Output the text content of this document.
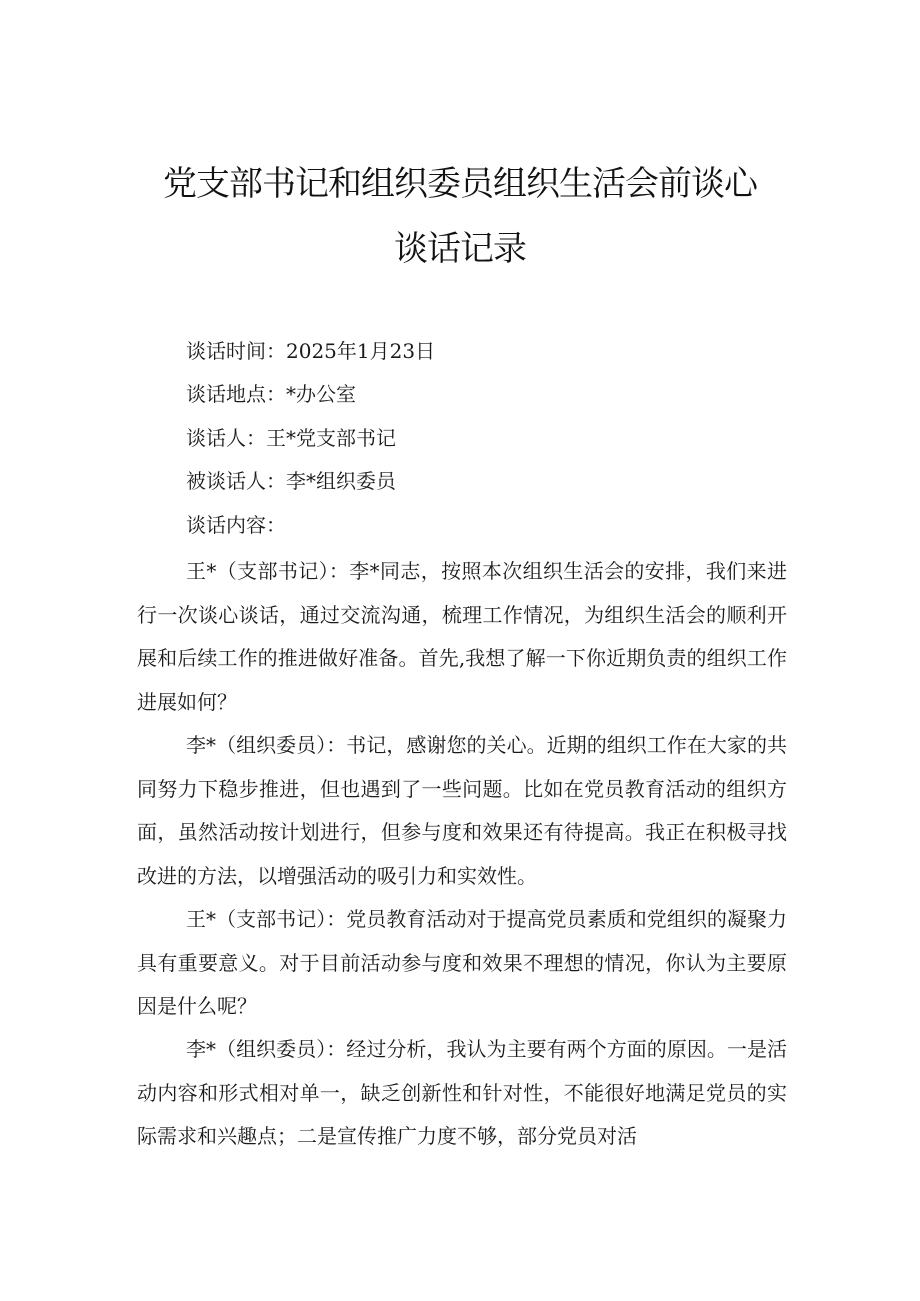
党支部书记和组织委员组织生活会前谈心
谈话记录
谈话时间：2025年1月23日
谈话地点：*办公室
谈话人：王*党支部书记
被谈话人：李*组织委员
谈话内容：

王*（支部书记）：李*同志，按照本次组织生活会的安排，我们来进行一次谈心谈话，通过交流沟通，梳理工作情况，为组织生活会的顺利开展和后续工作的推进做好准备。首先,我想了解一下你近期负责的组织工作进展如何？

李*（组织委员）：书记，感谢您的关心。近期的组织工作在大家的共同努力下稳步推进，但也遇到了一些问题。比如在党员教育活动的组织方面，虽然活动按计划进行，但参与度和效果还有待提高。我正在积极寻找改进的方法，以增强活动的吸引力和实效性。

王*（支部书记）：党员教育活动对于提高党员素质和党组织的凝聚力具有重要意义。对于目前活动参与度和效果不理想的情况，你认为主要原因是什么呢？

李*（组织委员）：经过分析，我认为主要有两个方面的原因。一是活动内容和形式相对单一，缺乏创新性和针对性，不能很好地满足党员的实际需求和兴趣点；二是宣传推广力度不够，部分党员对活
